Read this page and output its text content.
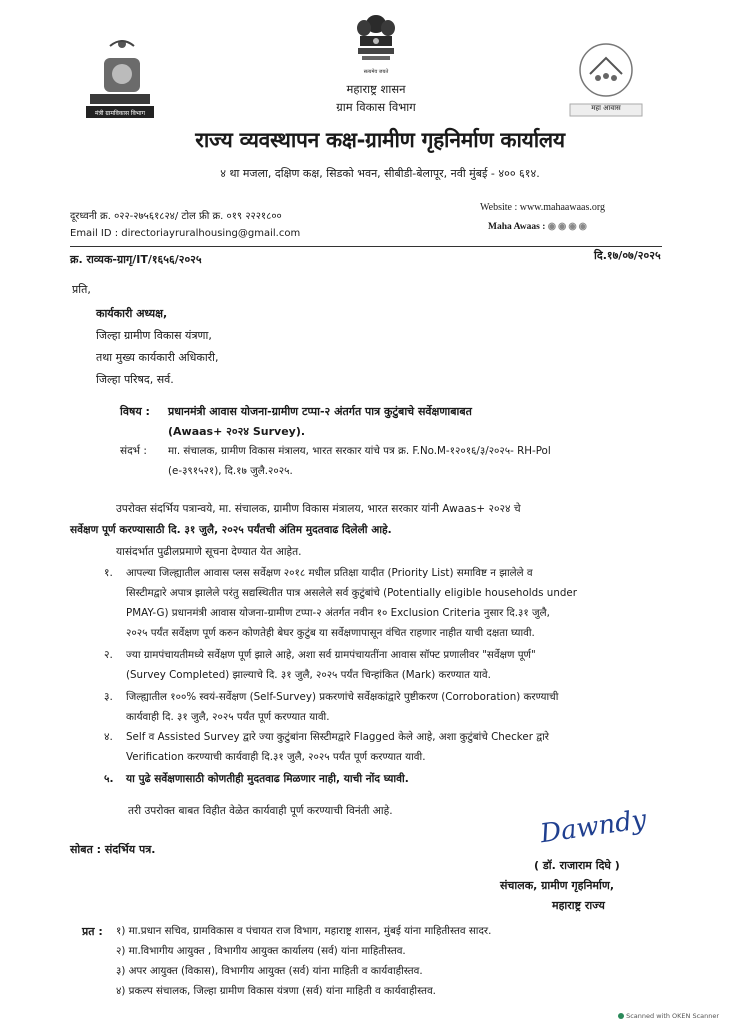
मंत्री ग्रामविकास विभाग
सत्यमेव जयते
महा आवास
महाराष्ट्र शासन
ग्राम विकास विभाग
राज्य व्यवस्थापन कक्ष-ग्रामीण गृहनिर्माण कार्यालय
४ था मजला, दक्षिण कक्ष, सिडको भवन, सीबीडी-बेलापूर, नवी मुंबई - ४०० ६१४.
दूरध्वनी क्र. ०२२-२७५६१८२४/ टोल फ्री क्र. ०१९ २२२१८००
Email ID : directoriayruralhousing@gmail.com
Website : www.mahaawaas.org
Maha Awaas : ◉◉◉◉
क्र. राव्यक-ग्रागृ/IT/१६५६/२०२५	दि.१७/०७/२०२५
प्रति,
कार्यकारी अध्यक्ष,
जिल्हा ग्रामीण विकास यंत्रणा,
तथा मुख्य कार्यकारी अधिकारी,
जिल्हा परिषद, सर्व.
विषय : प्रधानमंत्री आवास योजना-ग्रामीण टप्पा-२ अंतर्गत पात्र कुटुंबाचे सर्वेक्षणाबाबत
(Awaas+ २०२४ Survey).
संदर्भ : मा. संचालक, ग्रामीण विकास मंत्रालय, भारत सरकार यांचे पत्र क्र. F.No.M-१२०१६/३/२०२५- RH-Pol
(e-३९१५२१), दि.१७ जुलै.२०२५.
उपरोक्त संदर्भिय पत्रान्वये, मा. संचालक, ग्रामीण विकास मंत्रालय, भारत सरकार यांनी Awaas+ २०२४ चे
सर्वेक्षण पूर्ण करण्यासाठी दि. ३१ जुलै, २०२५ पर्यंतची अंतिम मुदतवाढ दिलेली आहे.
यासंदर्भात पुढीलप्रमाणे सूचना देण्यात येत आहेत.
१. आपल्या जिल्ह्यातील आवास प्लस सर्वेक्षण २०१८ मधील प्रतिक्षा यादीत (Priority List) समाविष्ट न झालेले व
सिस्टीमद्वारे अपात्र झालेले परंतु सद्यस्थितीत पात्र असलेले सर्व कुटुंबांचे (Potentially eligible households under
PMAY-G) प्रधानमंत्री आवास योजना-ग्रामीण टप्पा-२ अंतर्गत नवीन १० Exclusion Criteria नुसार दि.३१ जुलै,
२०२५ पर्यंत सर्वेक्षण पूर्ण करुन कोणतेही बेघर कुटुंब या सर्वेक्षणापासून वंचित राहणार नाहीत याची दक्षता घ्यावी.
२. ज्या ग्रामपंचायतीमध्ये सर्वेक्षण पूर्ण झाले आहे, अशा सर्व ग्रामपंचायतींना आवास सॉफ्ट प्रणालीवर "सर्वेक्षण पूर्ण"
(Survey Completed) झाल्याचे दि. ३१ जुलै, २०२५ पर्यंत चिन्हांकित (Mark) करण्यात यावे.
३. जिल्ह्यातील १००% स्वयं-सर्वेक्षण (Self-Survey) प्रकरणांचे सर्वेक्षकांद्वारे पुष्टीकरण (Corroboration) करण्याची
कार्यवाही दि. ३१ जुलै, २०२५ पर्यंत पूर्ण करण्यात यावी.
४. Self व Assisted Survey द्वारे ज्या कुटुंबांना सिस्टीमद्वारे Flagged केले आहे, अशा कुटुंबांचे Checker द्वारे
Verification करण्याची कार्यवाही दि.३१ जुलै, २०२५ पर्यंत पूर्ण करण्यात यावी.
५. या पुढे सर्वेक्षणासाठी कोणतीही मुदतवाढ मिळणार नाही, याची नोंद घ्यावी.
तरी उपरोक्त बाबत विहीत वेळेत कार्यवाही पूर्ण करण्याची विनंती आहे.	Dawndy
( डॉ. राजाराम दिघे )
संचालक, ग्रामीण गृहनिर्माण,
महाराष्ट्र राज्य
सोबत : संदर्भिय पत्र.
प्रत : १) मा.प्रधान सचिव, ग्रामविकास व पंचायत राज विभाग, महाराष्ट्र शासन, मुंबई यांना माहितीस्तव सादर.
२) मा.विभागीय आयुक्त , विभागीय आयुक्त कार्यालय (सर्व) यांना माहितीस्तव.
३) अपर आयुक्त (विकास), विभागीय आयुक्त (सर्व) यांना माहिती व कार्यवाहीस्तव.
४) प्रकल्प संचालक, जिल्हा ग्रामीण विकास यंत्रणा (सर्व) यांना माहिती व कार्यवाहीस्तव.
Scanned with OKEN Scanner
